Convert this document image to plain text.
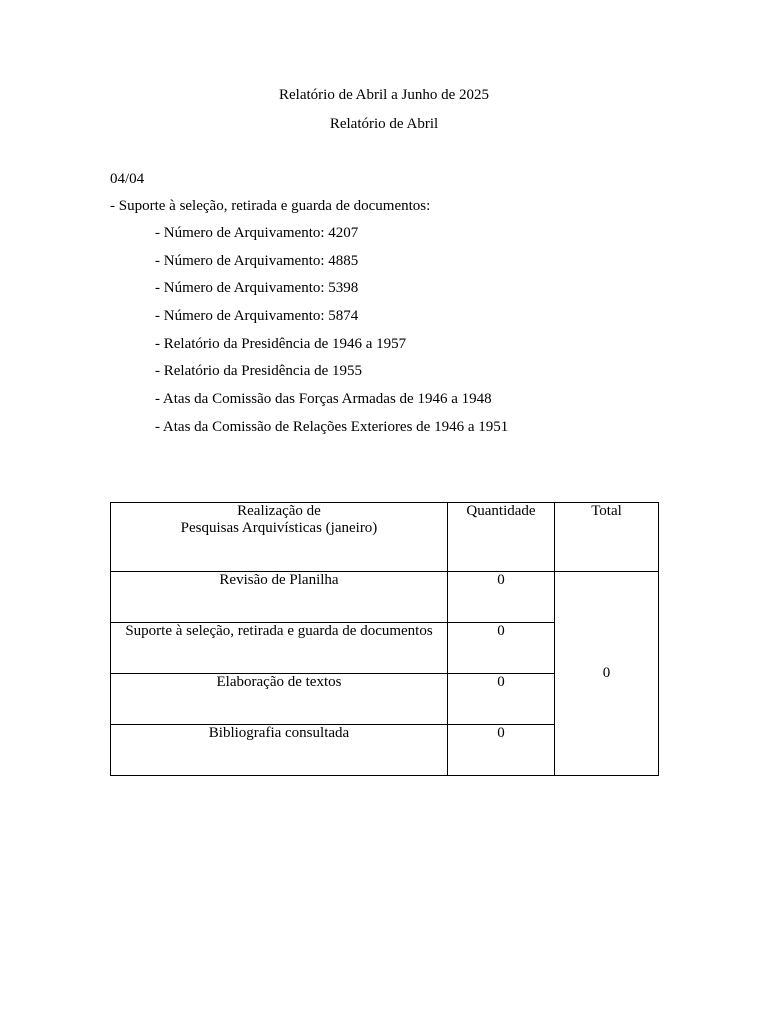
Relatório de Abril a Junho de 2025
Relatório de Abril
04/04
- Suporte à seleção, retirada e guarda de documentos:
- Número de Arquivamento: 4207
- Número de Arquivamento: 4885
- Número de Arquivamento: 5398
- Número de Arquivamento: 5874
- Relatório da Presidência de 1946 a 1957
- Relatório da Presidência de 1955
- Atas da Comissão das Forças Armadas de 1946 a 1948
- Atas da Comissão de Relações Exteriores de 1946 a 1951
Realização de
Pesquisas Arquivísticas (janeiro)	Quantidade	Total
Revisão de Planilha	0	0
Suporte à seleção, retirada e guarda de documentos	0	
Elaboração de textos	0	
Bibliografia consultada	0	
